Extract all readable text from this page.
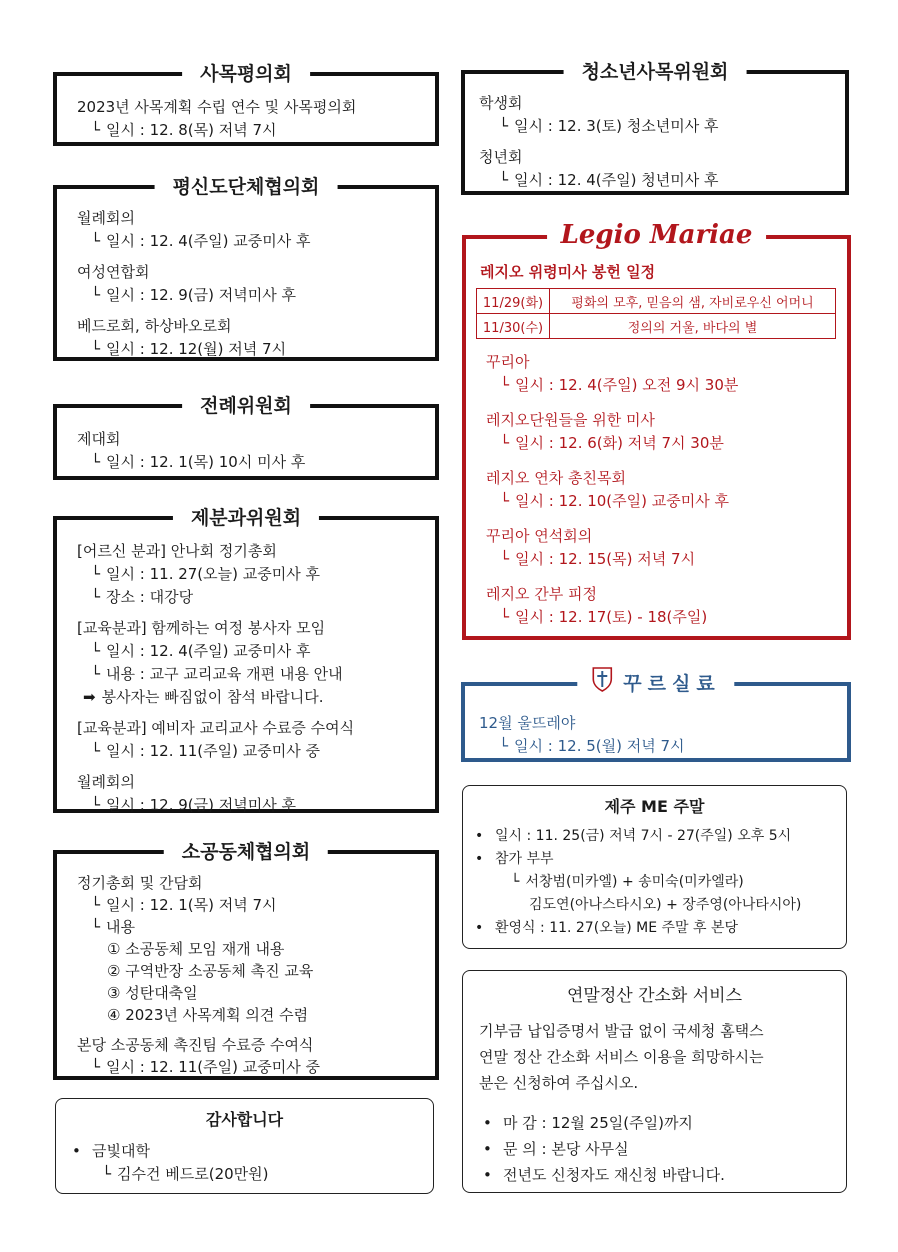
사목평의회
2023년 사목계획 수립 연수 및 사목평의회
└ 일시 : 12. 8(목) 저녁 7시
평신도단체협의회
월례회의
└ 일시 : 12. 4(주일) 교중미사 후
여성연합회
└ 일시 : 12. 9(금) 저녁미사 후
베드로회, 하상바오로회
└ 일시 : 12. 12(월) 저녁 7시
전례위원회
제대회
└ 일시 : 12. 1(목) 10시 미사 후
제분과위원회
[어르신 분과] 안나회 정기총회
└ 일시 : 11. 27(오늘) 교중미사 후
└ 장소 : 대강당
[교육분과] 함께하는 여정 봉사자 모임
└ 일시 : 12. 4(주일) 교중미사 후
└ 내용 : 교구 교리교육 개편 내용 안내
➡ 봉사자는 빠짐없이 참석 바랍니다.
[교육분과] 예비자 교리교사 수료증 수여식
└ 일시 : 12. 11(주일) 교중미사 중
월례회의
└ 일시 : 12. 9(금) 저녁미사 후
소공동체협의회
정기총회 및 간담회
└ 일시 : 12. 1(목) 저녁 7시
└ 내용
① 소공동체 모임 재개 내용
② 구역반장 소공동체 촉진 교육
③ 성탄대축일
④ 2023년 사목계획 의견 수렴
본당 소공동체 촉진팀 수료증 수여식
└ 일시 : 12. 11(주일) 교중미사 중
감사합니다
• 금빛대학
└ 김수건 베드로(20만원)
청소년사목위원회
학생회
└ 일시 : 12. 3(토) 청소년미사 후
청년회
└ 일시 : 12. 4(주일) 청년미사 후
Legio Mariae
레지오 위령미사 봉헌 일정
11/29(화)	평화의 모후, 믿음의 샘, 자비로우신 어머니
11/30(수)	정의의 거울, 바다의 별
꾸리아
└ 일시 : 12. 4(주일) 오전 9시 30분
레지오단원들을 위한 미사
└ 일시 : 12. 6(화) 저녁 7시 30분
레지오 연차 총친목회
└ 일시 : 12. 10(주일) 교중미사 후
꾸리아 연석회의
└ 일시 : 12. 15(목) 저녁 7시
레지오 간부 피정
└ 일시 : 12. 17(토) - 18(주일)
꾸르실료
12월 울뜨레야
└ 일시 : 12. 5(월) 저녁 7시
제주 ME 주말
• 일시 : 11. 25(금) 저녁 7시 - 27(주일) 오후 5시
• 참가 부부
└ 서창범(미카엘) + 송미숙(미카엘라)
김도연(아나스타시오) + 장주영(아나타시아)
• 환영식 : 11. 27(오늘) ME 주말 후 본당
연말정산 간소화 서비스
기부금 납입증명서 발급 없이 국세청 홈택스
연말 정산 간소화 서비스 이용을 희망하시는
분은 신청하여 주십시오.
• 마 감 : 12월 25일(주일)까지
• 문 의 : 본당 사무실
• 전년도 신청자도 재신청 바랍니다.
